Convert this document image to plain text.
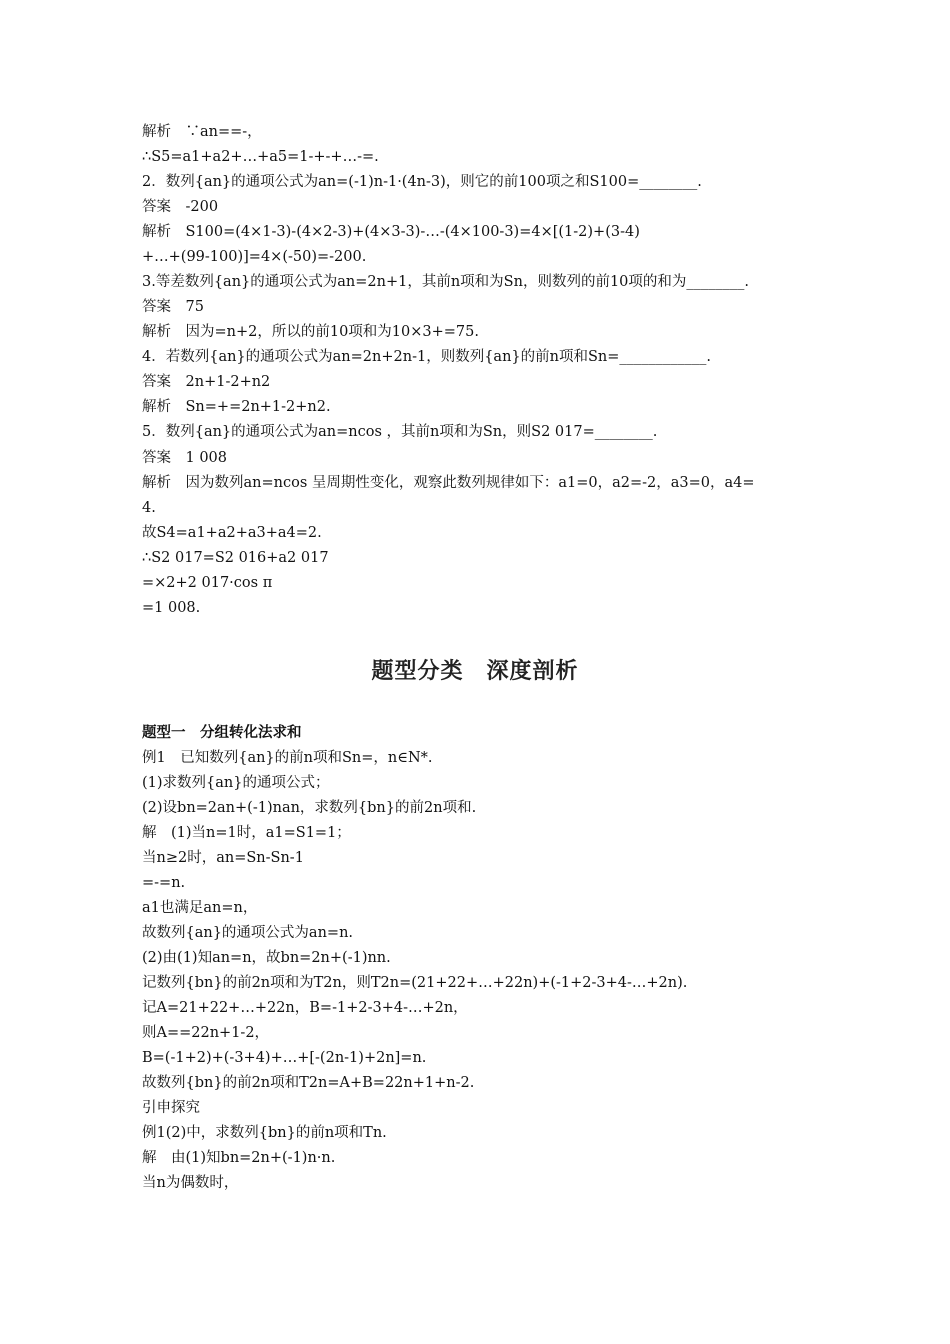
解析　∵an==-，
∴S5=a1+a2+…+a5=1-+-+…-=.
2．数列{an}的通项公式为an=(-1)n-1·(4n-3)，则它的前100项之和S100=________.
答案　-200
解析　S100=(4×1-3)-(4×2-3)+(4×3-3)-…-(4×100-3)=4×[(1-2)+(3-4)
+…+(99-100)]=4×(-50)=-200.
3.等差数列{an}的通项公式为an=2n+1，其前n项和为Sn，则数列的前10项的和为________.
答案　75
解析　因为=n+2，所以的前10项和为10×3+=75.
4．若数列{an}的通项公式为an=2n+2n-1，则数列{an}的前n项和Sn=____________.
答案　2n+1-2+n2
解析　Sn=+=2n+1-2+n2.
5．数列{an}的通项公式为an=ncos ，其前n项和为Sn，则S2 017=________.
答案　1 008
解析　因为数列an=ncos 呈周期性变化，观察此数列规律如下：a1=0，a2=-2，a3=0，a4=
4.
故S4=a1+a2+a3+a4=2.
∴S2 017=S2 016+a2 017
=×2+2 017·cos π
=1 008.
题型分类　深度剖析
题型一　分组转化法求和
例1　已知数列{an}的前n项和Sn=，n∈N*.
(1)求数列{an}的通项公式；
(2)设bn=2an+(-1)nan，求数列{bn}的前2n项和.
解　(1)当n=1时，a1=S1=1；
当n≥2时，an=Sn-Sn-1
=-=n.
a1也满足an=n，
故数列{an}的通项公式为an=n.
(2)由(1)知an=n，故bn=2n+(-1)nn.
记数列{bn}的前2n项和为T2n，则T2n=(21+22+…+22n)+(-1+2-3+4-…+2n).
记A=21+22+…+22n，B=-1+2-3+4-…+2n，
则A==22n+1-2，
B=(-1+2)+(-3+4)+…+[-(2n-1)+2n]=n.
故数列{bn}的前2n项和T2n=A+B=22n+1+n-2.
引申探究
例1(2)中，求数列{bn}的前n项和Tn.
解　由(1)知bn=2n+(-1)n·n.
当n为偶数时，
